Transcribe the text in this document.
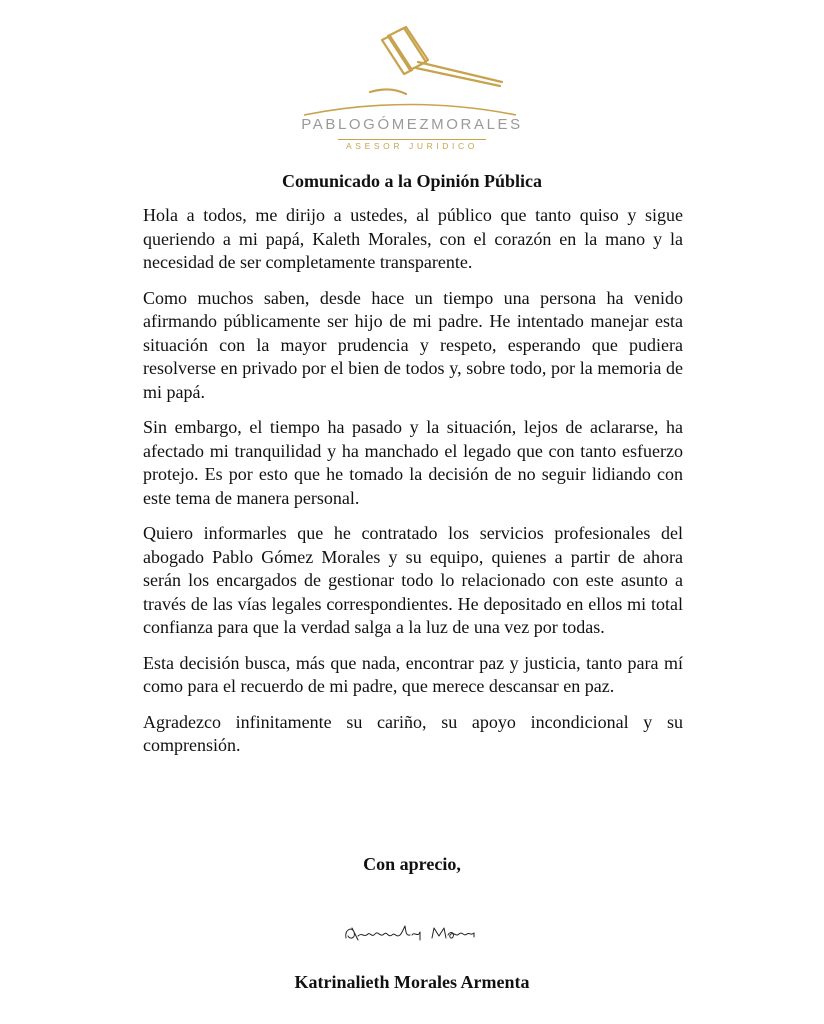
PABLOGÓMEZMORALES
ASESOR JURIDICO
Comunicado a la Opinión Pública

Hola a todos, me dirijo a ustedes, al público que tanto quiso y sigue queriendo a mi papá, Kaleth Morales, con el corazón en la mano y la necesidad de ser completamente transparente.

Como muchos saben, desde hace un tiempo una persona ha venido afirmando públicamente ser hijo de mi padre. He intentado manejar esta situación con la mayor prudencia y respeto, esperando que pudiera resolverse en privado por el bien de todos y, sobre todo, por la memoria de mi papá.

Sin embargo, el tiempo ha pasado y la situación, lejos de aclararse, ha afectado mi tranquilidad y ha manchado el legado que con tanto esfuerzo protejo. Es por esto que he tomado la decisión de no seguir lidiando con este tema de manera personal.

Quiero informarles que he contratado los servicios profesionales del abogado Pablo Gómez Morales y su equipo, quienes a partir de ahora serán los encargados de gestionar todo lo relacionado con este asunto a través de las vías legales correspondientes. He depositado en ellos mi total confianza para que la verdad salga a la luz de una vez por todas.

Esta decisión busca, más que nada, encontrar paz y justicia, tanto para mí como para el recuerdo de mi padre, que merece descansar en paz.

Agradezco infinitamente su cariño, su apoyo incondicional y su comprensión.

Con aprecio,
Katrinalieth Morales Armenta
